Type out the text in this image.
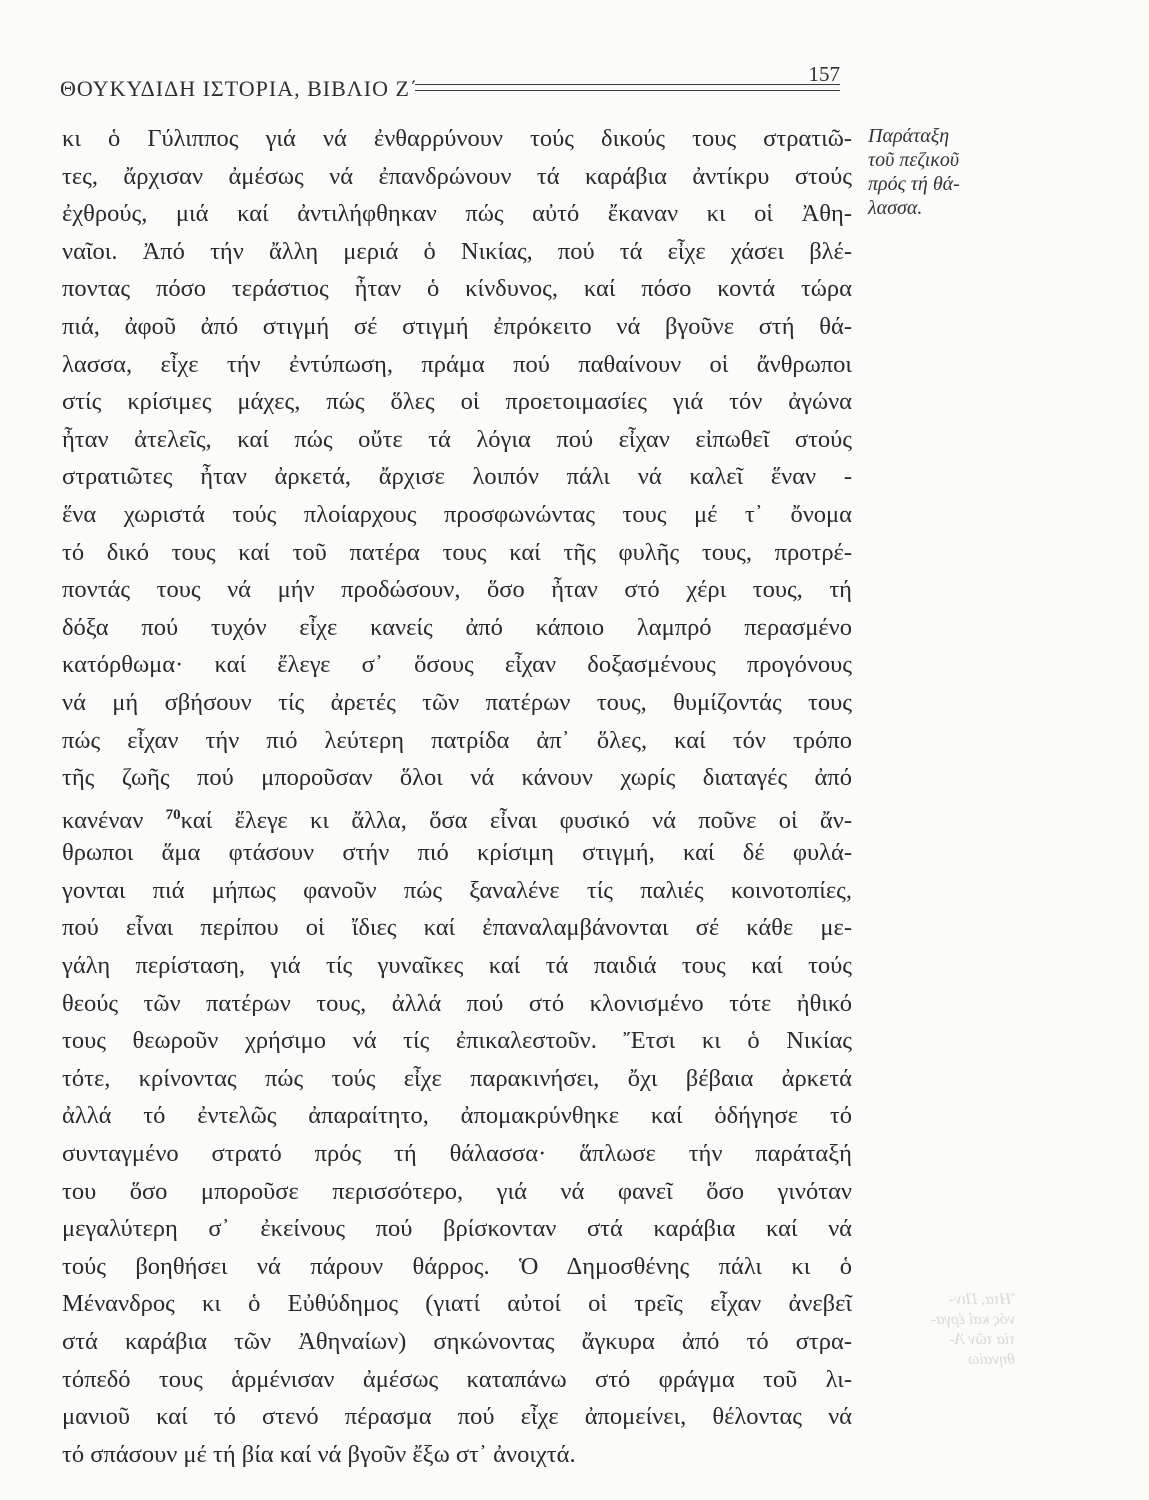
ΘΟΥΚΥΔΙΔΗ ΙΣΤΟΡΙΑ, ΒΙΒΛΙΟ Ζ΄
157
Παράταξη
τοῦ πεζικοῦ
πρός τή θά-
λασσα.
κι ὁ Γύλιππος γιά νά ἐνθαρρύνουν τούς δικούς τους στρατιῶ-
τες, ἄρχισαν ἀμέσως νά ἐπανδρώνουν τά καράβια ἀντίκρυ στούς
ἐχθρούς, μιά καί ἀντιλήφθηκαν πώς αὐτό ἔκαναν κι οἱ Ἀθη-
ναῖοι. Ἀπό τήν ἄλλη μεριά ὁ Νικίας, πού τά εἶχε χάσει βλέ-
ποντας πόσο τεράστιος ἦταν ὁ κίνδυνος, καί πόσο κοντά τώρα
πιά, ἀφοῦ ἀπό στιγμή σέ στιγμή ἐπρόκειτο νά βγοῦνε στή θά-
λασσα, εἶχε τήν ἐντύπωση, πράμα πού παθαίνουν οἱ ἄνθρωποι
στίς κρίσιμες μάχες, πώς ὅλες οἱ προετοιμασίες γιά τόν ἀγώνα
ἦταν ἀτελεῖς, καί πώς οὔτε τά λόγια πού εἶχαν εἰπωθεῖ στούς
στρατιῶτες ἦταν ἀρκετά, ἄρχισε λοιπόν πάλι νά καλεῖ ἕναν -
ἕνα χωριστά τούς πλοίαρχους προσφωνώντας τους μέ τ᾽ ὄνομα
τό δικό τους καί τοῦ πατέρα τους καί τῆς φυλῆς τους, προτρέ-
ποντάς τους νά μήν προδώσουν, ὅσο ἦταν στό χέρι τους, τή
δόξα πού τυχόν εἶχε κανείς ἀπό κάποιο λαμπρό περασμένο
κατόρθωμα· καί ἔλεγε σ᾽ ὅσους εἶχαν δοξασμένους προγόνους
νά μή σβήσουν τίς ἀρετές τῶν πατέρων τους, θυμίζοντάς τους
πώς εἶχαν τήν πιό λεύτερη πατρίδα ἀπ᾽ ὅλες, καί τόν τρόπο
τῆς ζωῆς πού μποροῦσαν ὅλοι νά κάνουν χωρίς διαταγές ἀπό
κανέναν $^{70}$καί ἔλεγε κι ἄλλα, ὅσα εἶναι φυσικό νά ποῦνε οἱ ἄν-
θρωποι ἅμα φτάσουν στήν πιό κρίσιμη στιγμή, καί δέ φυλά-
γονται πιά μήπως φανοῦν πώς ξαναλένε τίς παλιές κοινοτοπίες,
πού εἶναι περίπου οἱ ἴδιες καί ἐπαναλαμβάνονται σέ κάθε με-
γάλη περίσταση, γιά τίς γυναῖκες καί τά παιδιά τους καί τούς
θεούς τῶν πατέρων τους, ἀλλά πού στό κλονισμένο τότε ἠθικό
τους θεωροῦν χρήσιμο νά τίς ἐπικαλεστοῦν. Ἔτσι κι ὁ Νικίας
τότε, κρίνοντας πώς τούς εἶχε παρακινήσει, ὄχι βέβαια ἀρκετά
ἀλλά τό ἐντελῶς ἀπαραίτητο, ἀπομακρύνθηκε καί ὁδήγησε τό
συνταγμένο στρατό πρός τή θάλασσα· ἅπλωσε τήν παράταξή
του ὅσο μποροῦσε περισσότερο, γιά νά φανεῖ ὅσο γινόταν
μεγαλύτερη σ᾽ ἐκείνους πού βρίσκονταν στά καράβια καί νά
τούς βοηθήσει νά πάρουν θάρρος. Ὁ Δημοσθένης πάλι κι ὁ
Μένανδρος κι ὁ Εὐθύδημος (γιατί αὐτοί οἱ τρεῖς εἶχαν ἀνεβεῖ
στά καράβια τῶν Ἀθηναίων) σηκώνοντας ἄγκυρα ἀπό τό στρα-
τόπεδό τους ἁρμένισαν ἀμέσως καταπάνω στό φράγμα τοῦ λι-
μανιοῦ καί τό στενό πέρασμα πού εἶχε ἀπομείνει, θέλοντας νά
τό σπάσουν μέ τή βία καί νά βγοῦν ἔξω στ᾽ ἀνοιχτά.
Ἤτα, Πιν-
νός καί ἐργα-
τία τῶν Ἀ-
θηναίω
